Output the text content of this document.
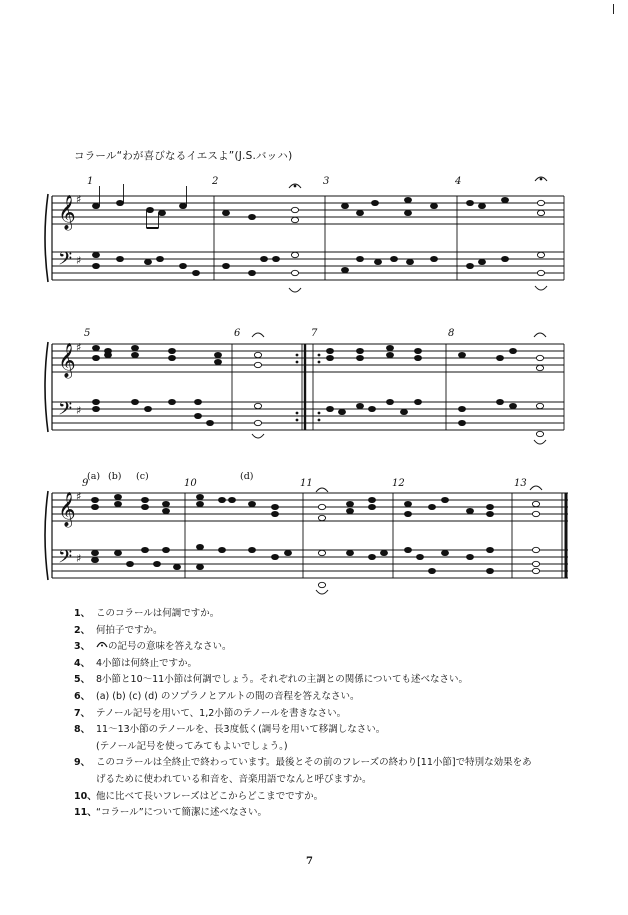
コラール“わが喜びなるイエスよ”(J.S.バッハ)
𝄞
𝄢
♯
♯
1	2	3	4
𝄞
𝄢
♯
♯
5	6	7	8
𝄞
𝄢
♯
♯
9	10	11	12	13
(a) (b) (c)	(d)
1、 このコラールは何調ですか。
2、 何拍子ですか。
3、	の記号の意味を答えなさい。
4、 4小節は何終止ですか。
5、 8小節と10～11小節は何調でしょう。それぞれの主調との関係についても述べなさい。
6、 (a) (b) (c) (d) のソプラノとアルトの間の音程を答えなさい。
7、 テノール記号を用いて、1,2小節のテノールを書きなさい。
8、 11～13小節のテノールを、長3度低く(調号を用いて移調しなさい。
(テノール記号を使ってみてもよいでしょう。)
9、 このコラールは全終止で終わっています。最後とその前のフレーズの終わり[11小節]で特別な効果をあ
げるために使われている和音を、音楽用語でなんと呼びますか。
10、 他に比べて長いフレーズはどこからどこまでですか。
11、 “コラール”について簡潔に述べなさい。
7
